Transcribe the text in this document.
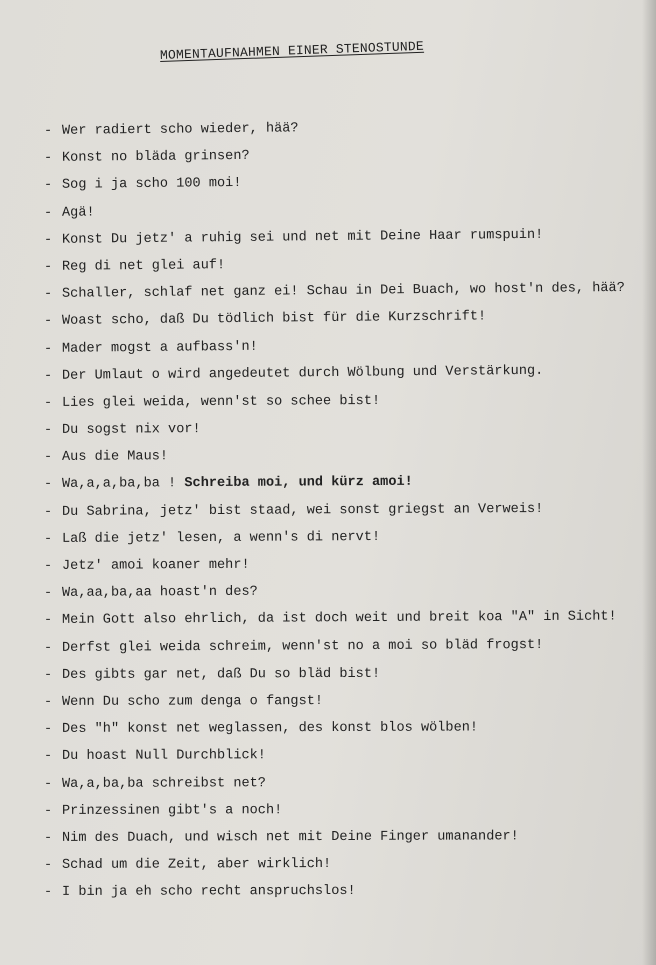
MOMENTAUFNAHMEN EINER STENOSTUNDE
- Wer radiert scho wieder, hää?
- Konst no bläda grinsen?
- Sog i ja scho 100 moi!
- Agä!
- Konst Du jetz' a ruhig sei und net mit Deine Haar rumspuin!
- Reg di net glei auf!
- Schaller, schlaf net ganz ei! Schau in Dei Buach, wo host'n des, hää?
- Woast scho, daß Du tödlich bist für die Kurzschrift!
- Mader mogst a aufbass'n!
- Der Umlaut o wird angedeutet durch Wölbung und Verstärkung.
- Lies glei weida, wenn'st so schee bist!
- Du sogst nix vor!
- Aus die Maus!
- Wa,a,a,ba,ba ! Schreiba moi, und kürz amoi!
- Du Sabrina, jetz' bist staad, wei sonst griegst an Verweis!
- Laß die jetz' lesen, a wenn's di nervt!
- Jetz' amoi koaner mehr!
- Wa,aa,ba,aa hoast'n des?
- Mein Gott also ehrlich, da ist doch weit und breit koa "A" in Sicht!
- Derfst glei weida schreim, wenn'st no a moi so bläd frogst!
- Des gibts gar net, daß Du so bläd bist!
- Wenn Du scho zum denga o fangst!
- Des "h" konst net weglassen, des konst blos wölben!
- Du hoast Null Durchblick!
- Wa,a,ba,ba schreibst net?
- Prinzessinen gibt's a noch!
- Nim des Duach, und wisch net mit Deine Finger umanander!
- Schad um die Zeit, aber wirklich!
- I bin ja eh scho recht anspruchslos!
